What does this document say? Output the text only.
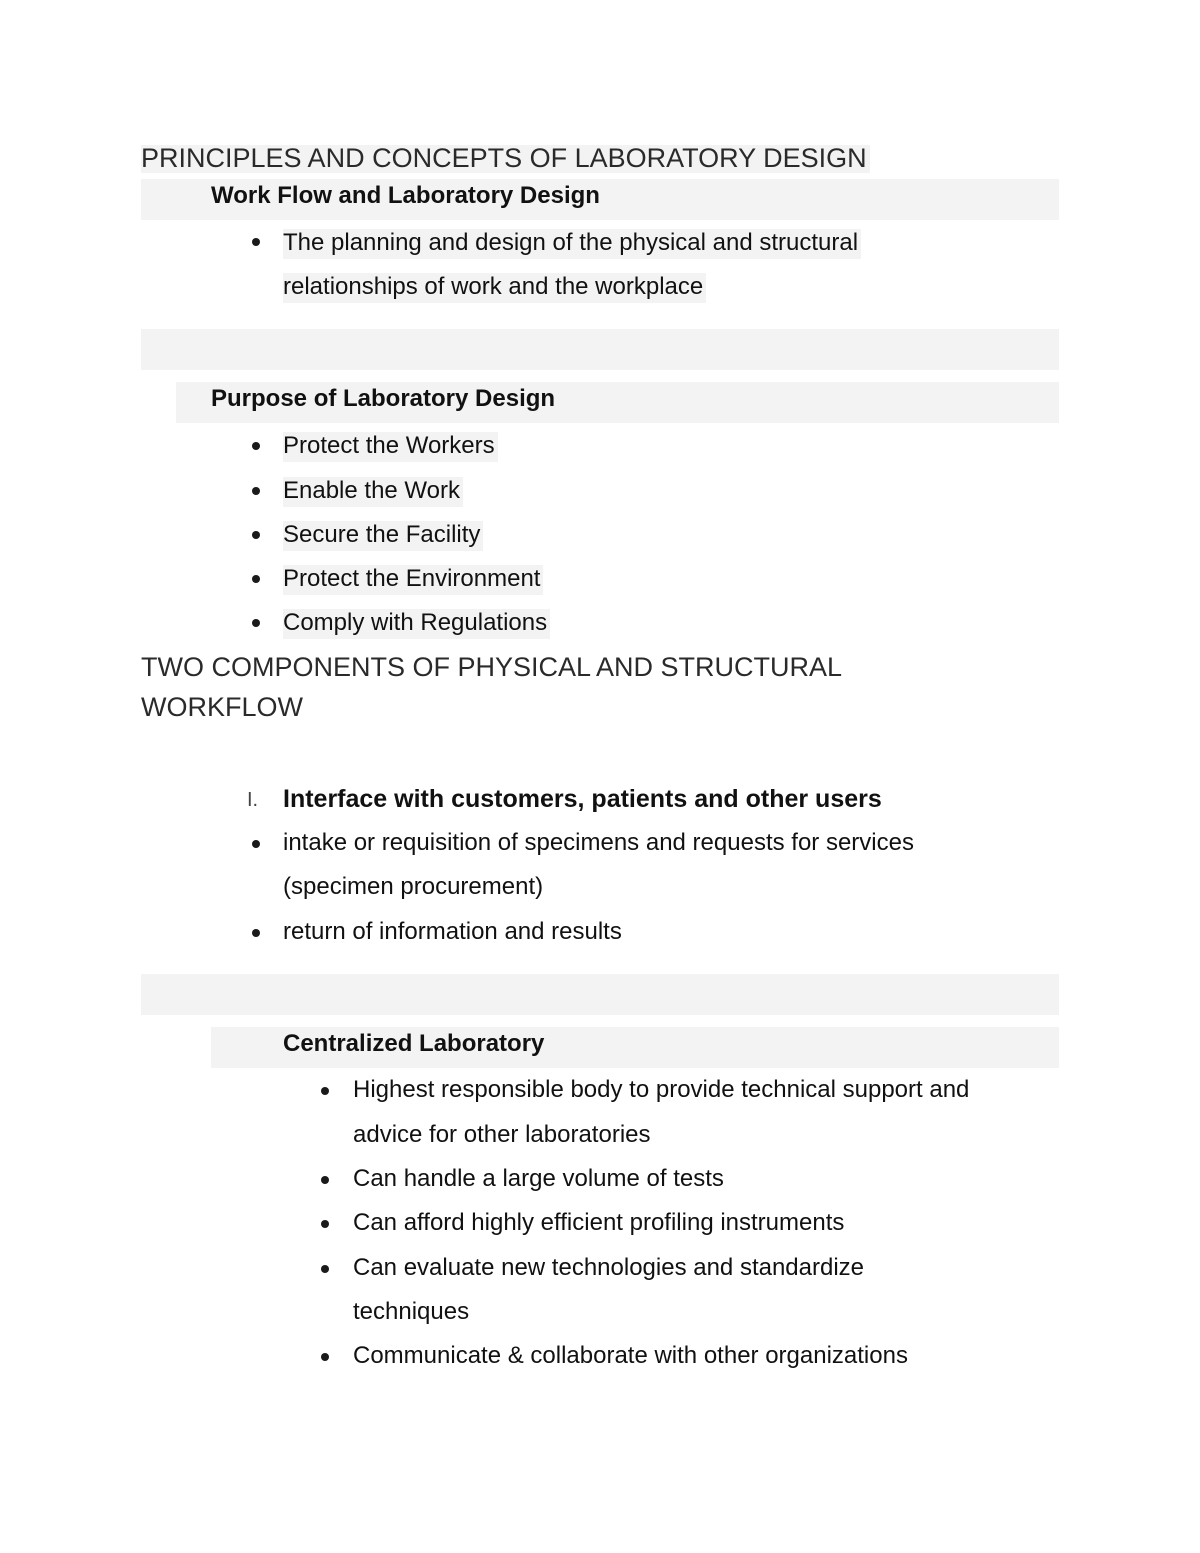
PRINCIPLES AND CONCEPTS OF LABORATORY DESIGN
Work Flow and Laboratory Design
The planning and design of the physical and structural
relationships of work and the workplace
Purpose of Laboratory Design
Protect the Workers
Enable the Work
Secure the Facility
Protect the Environment
Comply with Regulations
TWO COMPONENTS OF PHYSICAL AND STRUCTURAL
WORKFLOW
I. Interface with customers, patients and other users
intake or requisition of specimens and requests for services
(specimen procurement)
return of information and results
Centralized Laboratory
Highest responsible body to provide technical support and
advice for other laboratories
Can handle a large volume of tests
Can afford highly efficient profiling instruments
Can evaluate new technologies and standardize
techniques
Communicate & collaborate with other organizations
